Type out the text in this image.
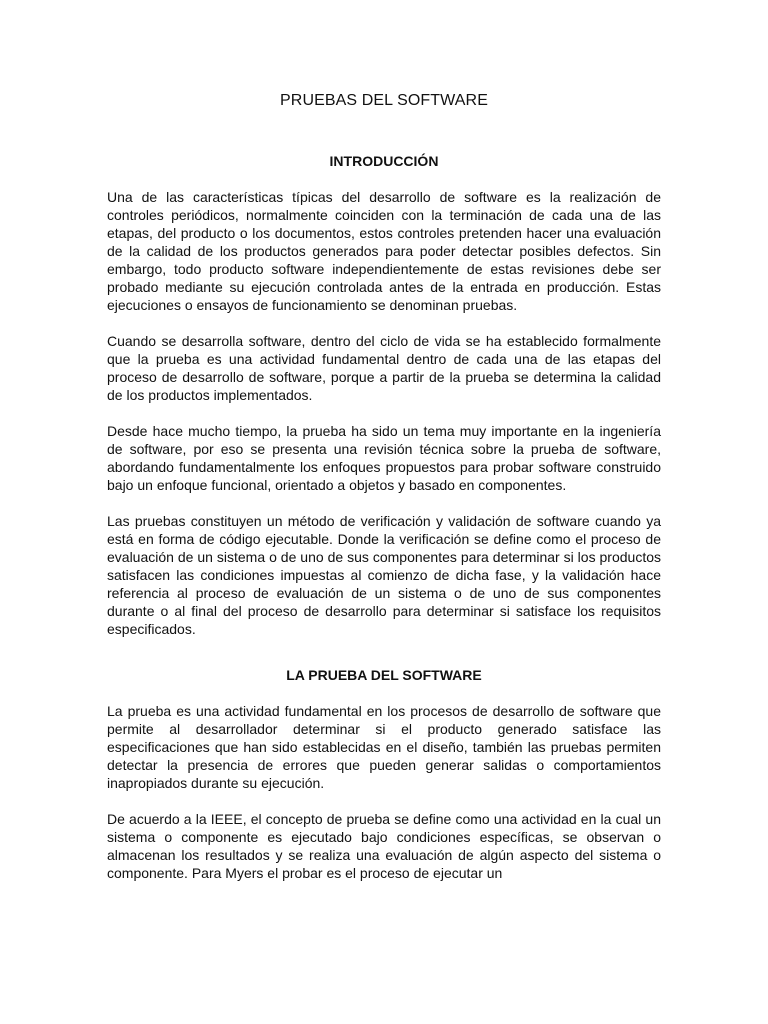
PRUEBAS DEL SOFTWARE
INTRODUCCIÓN

Una de las características típicas del desarrollo de software es la realización de controles periódicos, normalmente coinciden con la terminación de cada una de las etapas, del producto o los documentos, estos controles pretenden hacer una evaluación de la calidad de los productos generados para poder detectar posibles defectos. Sin embargo, todo producto software independientemente de estas revisiones debe ser probado mediante su ejecución controlada antes de la entrada en producción. Estas ejecuciones o ensayos de funcionamiento se denominan pruebas.

Cuando se desarrolla software, dentro del ciclo de vida se ha establecido formalmente que la prueba es una actividad fundamental dentro de cada una de las etapas del proceso de desarrollo de software, porque a partir de la prueba se determina la calidad de los productos implementados.

Desde hace mucho tiempo, la prueba ha sido un tema muy importante en la ingeniería de software, por eso se presenta una revisión técnica sobre la prueba de software, abordando fundamentalmente los enfoques propuestos para probar software construido bajo un enfoque funcional, orientado a objetos y basado en componentes.

Las pruebas constituyen un método de verificación y validación de software cuando ya está en forma de código ejecutable. Donde la verificación se define como el proceso de evaluación de un sistema o de uno de sus componentes para determinar si los productos satisfacen las condiciones impuestas al comienzo de dicha fase, y la validación hace referencia al proceso de evaluación de un sistema o de uno de sus componentes durante o al final del proceso de desarrollo para determinar si satisface los requisitos especificados.

LA PRUEBA DEL SOFTWARE

La prueba es una actividad fundamental en los procesos de desarrollo de software que permite al desarrollador determinar si el producto generado satisface las especificaciones que han sido establecidas en el diseño, también las pruebas permiten detectar la presencia de errores que pueden generar salidas o comportamientos inapropiados durante su ejecución.

De acuerdo a la IEEE, el concepto de prueba se define como una actividad en la cual un sistema o componente es ejecutado bajo condiciones específicas, se observan o almacenan los resultados y se realiza una evaluación de algún aspecto del sistema o componente. Para Myers el probar es el proceso de ejecutar un
